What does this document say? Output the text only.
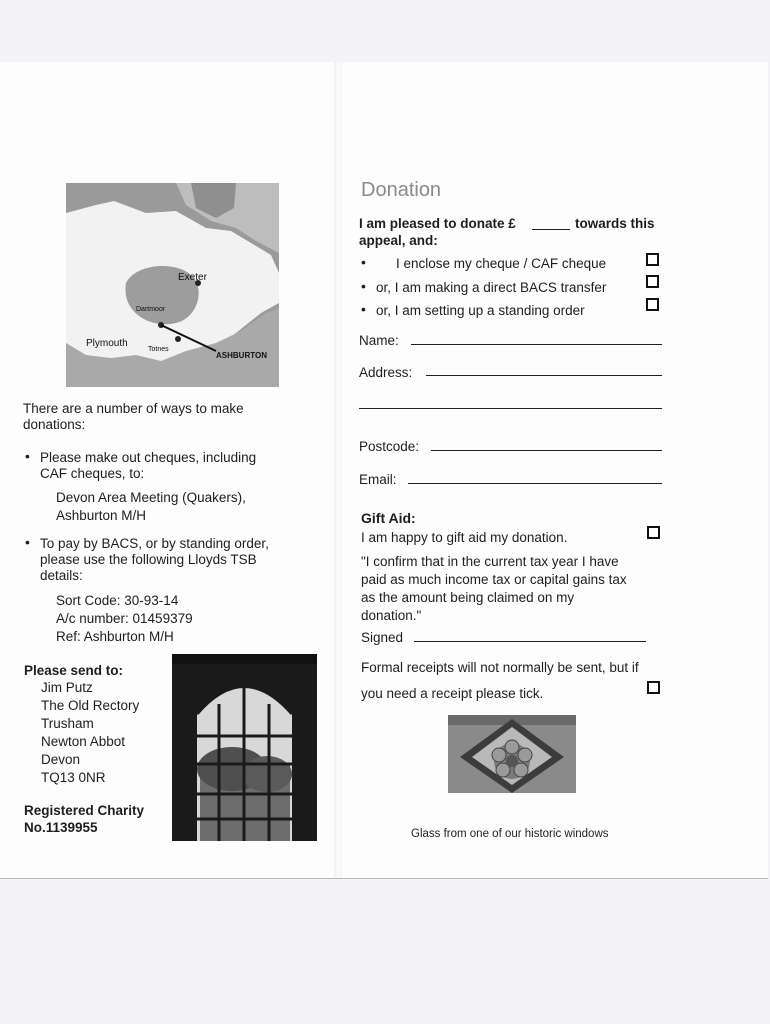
Exeter
Dartmoor
Plymouth
Totnes
ASHBURTON
There are a number of ways to make
donations:
• Please make out cheques, including
CAF cheques, to:
Devon Area Meeting (Quakers),
Ashburton M/H
• To pay by BACS, or by standing order,
please use the following Lloyds TSB
details:
Sort Code: 30-93-14
A/c number: 01459379
Ref: Ashburton M/H
Please send to:
Jim Putz
The Old Rectory
Trusham
Newton Abbot
Devon
TQ13 0NR
Registered Charity
No.1139955
Donation
I am pleased to donate £	towards this
appeal, and:
• I enclose my cheque / CAF cheque
• or, I am making a direct BACS transfer
• or, I am setting up a standing order
Name:
Address:
Postcode:
Email:
Gift Aid:
I am happy to gift aid my donation.
"I confirm that in the current tax year I have
paid as much income tax or capital gains tax
as the amount being claimed on my
donation."
Signed
Formal receipts will not normally be sent, but if
you need a receipt please tick.
Glass from one of our historic windows
